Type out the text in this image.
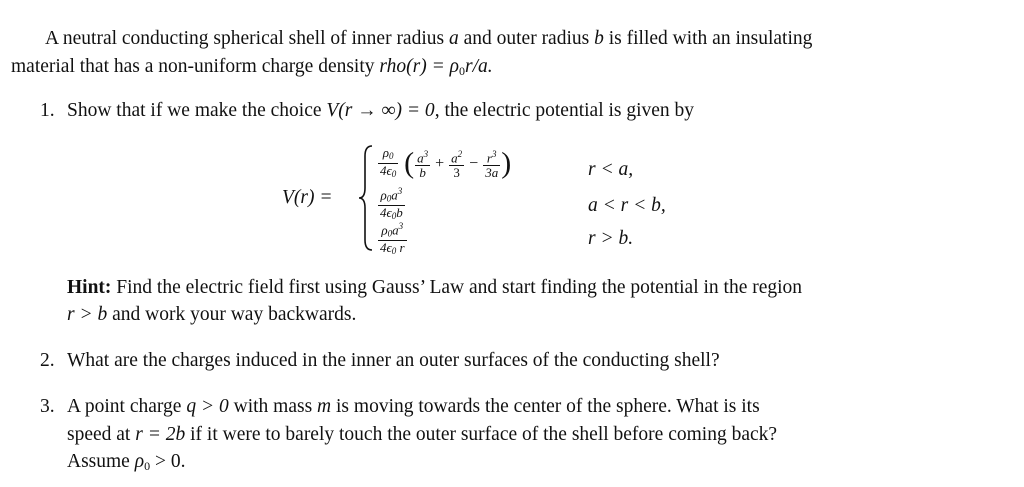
A neutral conducting spherical shell of inner radius a and outer radius b is filled with an insulating
material that has a non-uniform charge density $rho(r) = \rho_0r/a$.
1. Show that if we make the choice V(r → ∞) = 0, the electric potential is given by
V(r) =
$\frac{\rho_0}{4\epsilon_0}$ ( $\frac{a^3}{b} + \frac{a^2}{3} - \frac{r^3}{3a}$ )	r < a,
$\frac{\rho 0a^3}{4\epsilon 0b}$	a < r < b,
$\frac{\rho 0a^3}{4\epsilon 0 r}$	r > b.
Hint: Find the electric field first using Gauss’ Law and start finding the potential in the region
r > b and work your way backwards.
2. What are the charges induced in the inner an outer surfaces of the conducting shell?
3. A point charge q > 0 with mass m is moving towards the center of the sphere. What is its
speed at r = 2b if it were to barely touch the outer surface of the shell before coming back?
Assume $\rho_0 > 0$.
